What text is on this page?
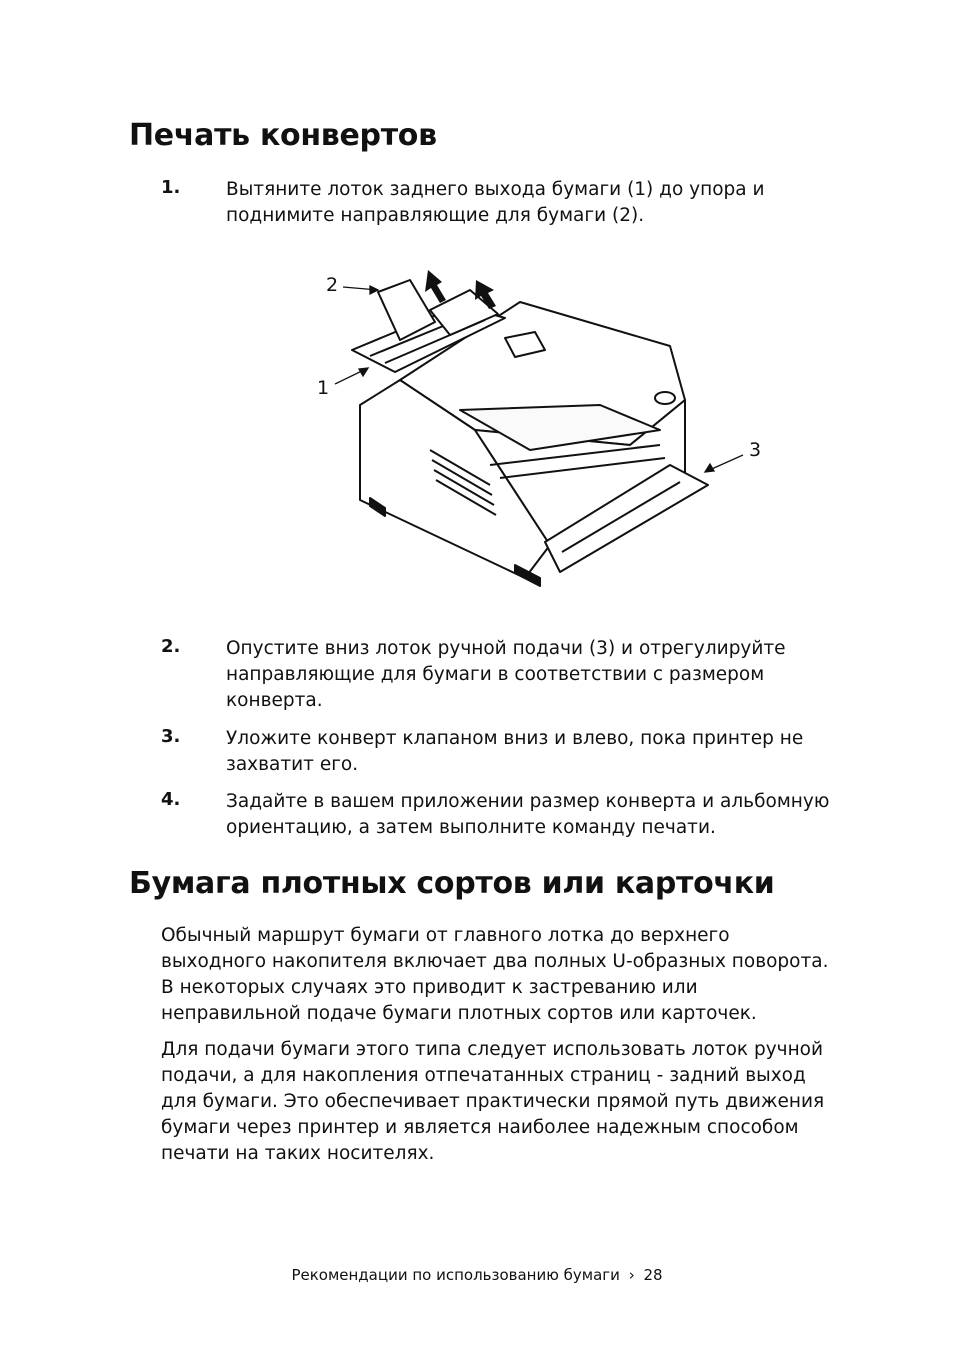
Печать конвертов
1. Вытяните лоток заднего выхода бумаги (1) до упора и поднимите направляющие для бумаги (2).

2
1
3
2. Опустите вниз лоток ручной подачи (3) и отрегулируйте направляющие для бумаги в соответствии с размером конверта.

3. Уложите конверт клапаном вниз и влево, пока принтер не захватит его.

4. Задайте в вашем приложении размер конверта и альбомную ориентацию, а затем выполните команду печати.

Бумага плотных сортов или карточки

Обычный маршрут бумаги от главного лотка до верхнего выходного накопителя включает два полных U-образных поворота. В некоторых случаях это приводит к застреванию или неправильной подаче бумаги плотных сортов или карточек.

Для подачи бумаги этого типа следует использовать лоток ручной подачи, а для накопления отпечатанных страниц - задний выход для бумаги. Это обеспечивает практически прямой путь движения бумаги через принтер и является наиболее надежным способом печати на таких носителях.

Рекомендации по использованию бумаги › 28
